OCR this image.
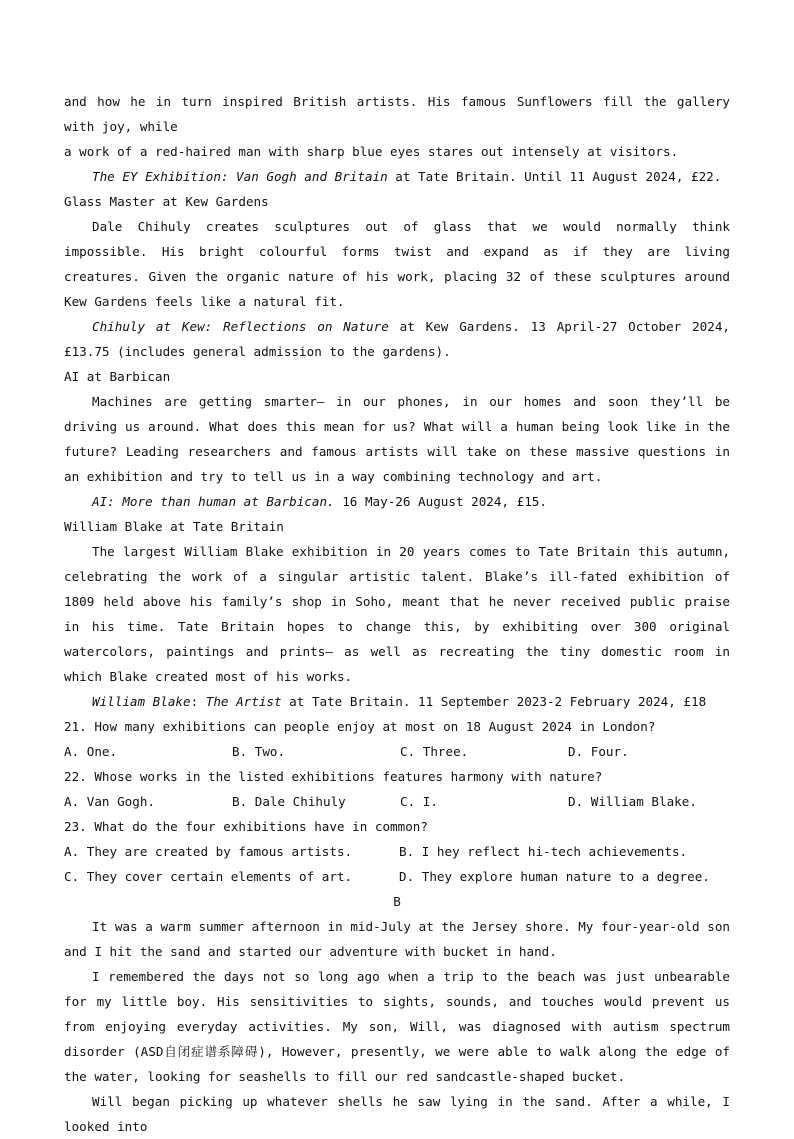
and how he in turn inspired British artists. His famous Sunflowers fill the gallery with joy, while

a work of a red-haired man with sharp blue eyes stares out intensely at visitors.

The EY Exhibition: Van Gogh and Britain at Tate Britain. Until 11 August 2024, £22.

Glass Master at Kew Gardens

Dale Chihuly creates sculptures out of glass that we would normally think impossible. His bright colourful forms twist and expand as if they are living creatures. Given the organic nature of his work, placing 32 of these sculptures around Kew Gardens feels like a natural fit.

Chihuly at Kew: Reflections on Nature at Kew Gardens. 13 April-27 October 2024, £13.75 (includes general admission to the gardens).

AI at Barbican

Machines are getting smarter— in our phones, in our homes and soon they’ll be driving us around. What does this mean for us? What will a human being look like in the future? Leading researchers and famous artists will take on these massive questions in an exhibition and try to tell us in a way combining technology and art.

AI: More than human at Barbican. 16 May-26 August 2024, £15.

William Blake at Tate Britain

The largest William Blake exhibition in 20 years comes to Tate Britain this autumn, celebrating the work of a singular artistic talent. Blake’s ill-fated exhibition of 1809 held above his family’s shop in Soho, meant that he never received public praise in his time. Tate Britain hopes to change this, by exhibiting over 300 original watercolors, paintings and prints— as well as recreating the tiny domestic room in which Blake created most of his works.

William Blake: The Artist at Tate Britain. 11 September 2023-2 February 2024, £18

21. How many exhibitions can people enjoy at most on 18 August 2024 in London?

A. One.	B. Two.	C. Three.	D. Four.

22. Whose works in the listed exhibitions features harmony with nature?

A. Van Gogh.	B. Dale Chihuly	C. I.	D. William Blake.

23. What do the four exhibitions have in common?

A. They are created by famous artists.	B. I hey reflect hi-tech achievements.
C. They cover certain elements of art.	D. They explore human nature to a degree.

B

It was a warm summer afternoon in mid-July at the Jersey shore. My four-year-old son and I hit the sand and started our adventure with bucket in hand.

I remembered the days not so long ago when a trip to the beach was just unbearable for my little boy. His sensitivities to sights, sounds, and touches would prevent us from enjoying everyday activities. My son, Will, was diagnosed with autism spectrum disorder (ASD自闭症谱系障碍), However, presently, we were able to walk along the edge of the water, looking for seashells to fill our red sandcastle-shaped bucket.

Will began picking up whatever shells he saw lying in the sand. After a while, I looked into
